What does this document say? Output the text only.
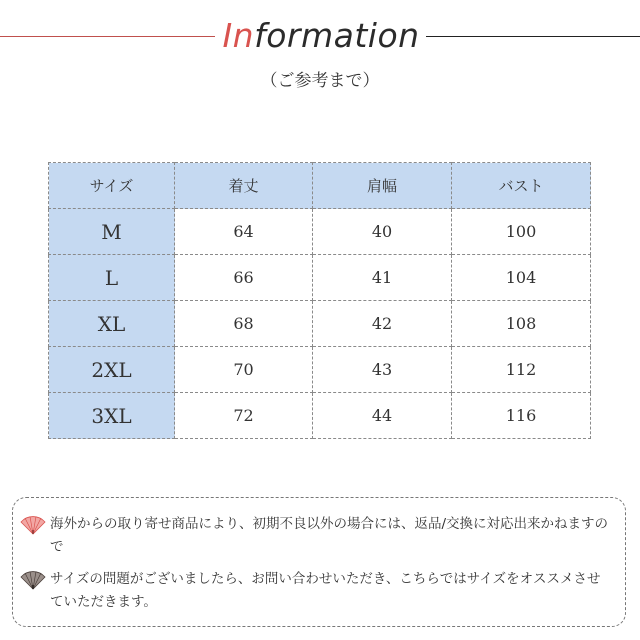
Information
（ご参考まで）
サイズ	着丈	肩幅	バスト
M	64	40	100
L	66	41	104
XL	68	42	108
2XL	70	43	112
3XL	72	44	116
海外からの取り寄せ商品により、初期不良以外の場合には、返品/交換に対応出来かねますので
サイズの問題がございましたら、お問い合わせいただき、こちらではサイズをオススメさせていただきます。
